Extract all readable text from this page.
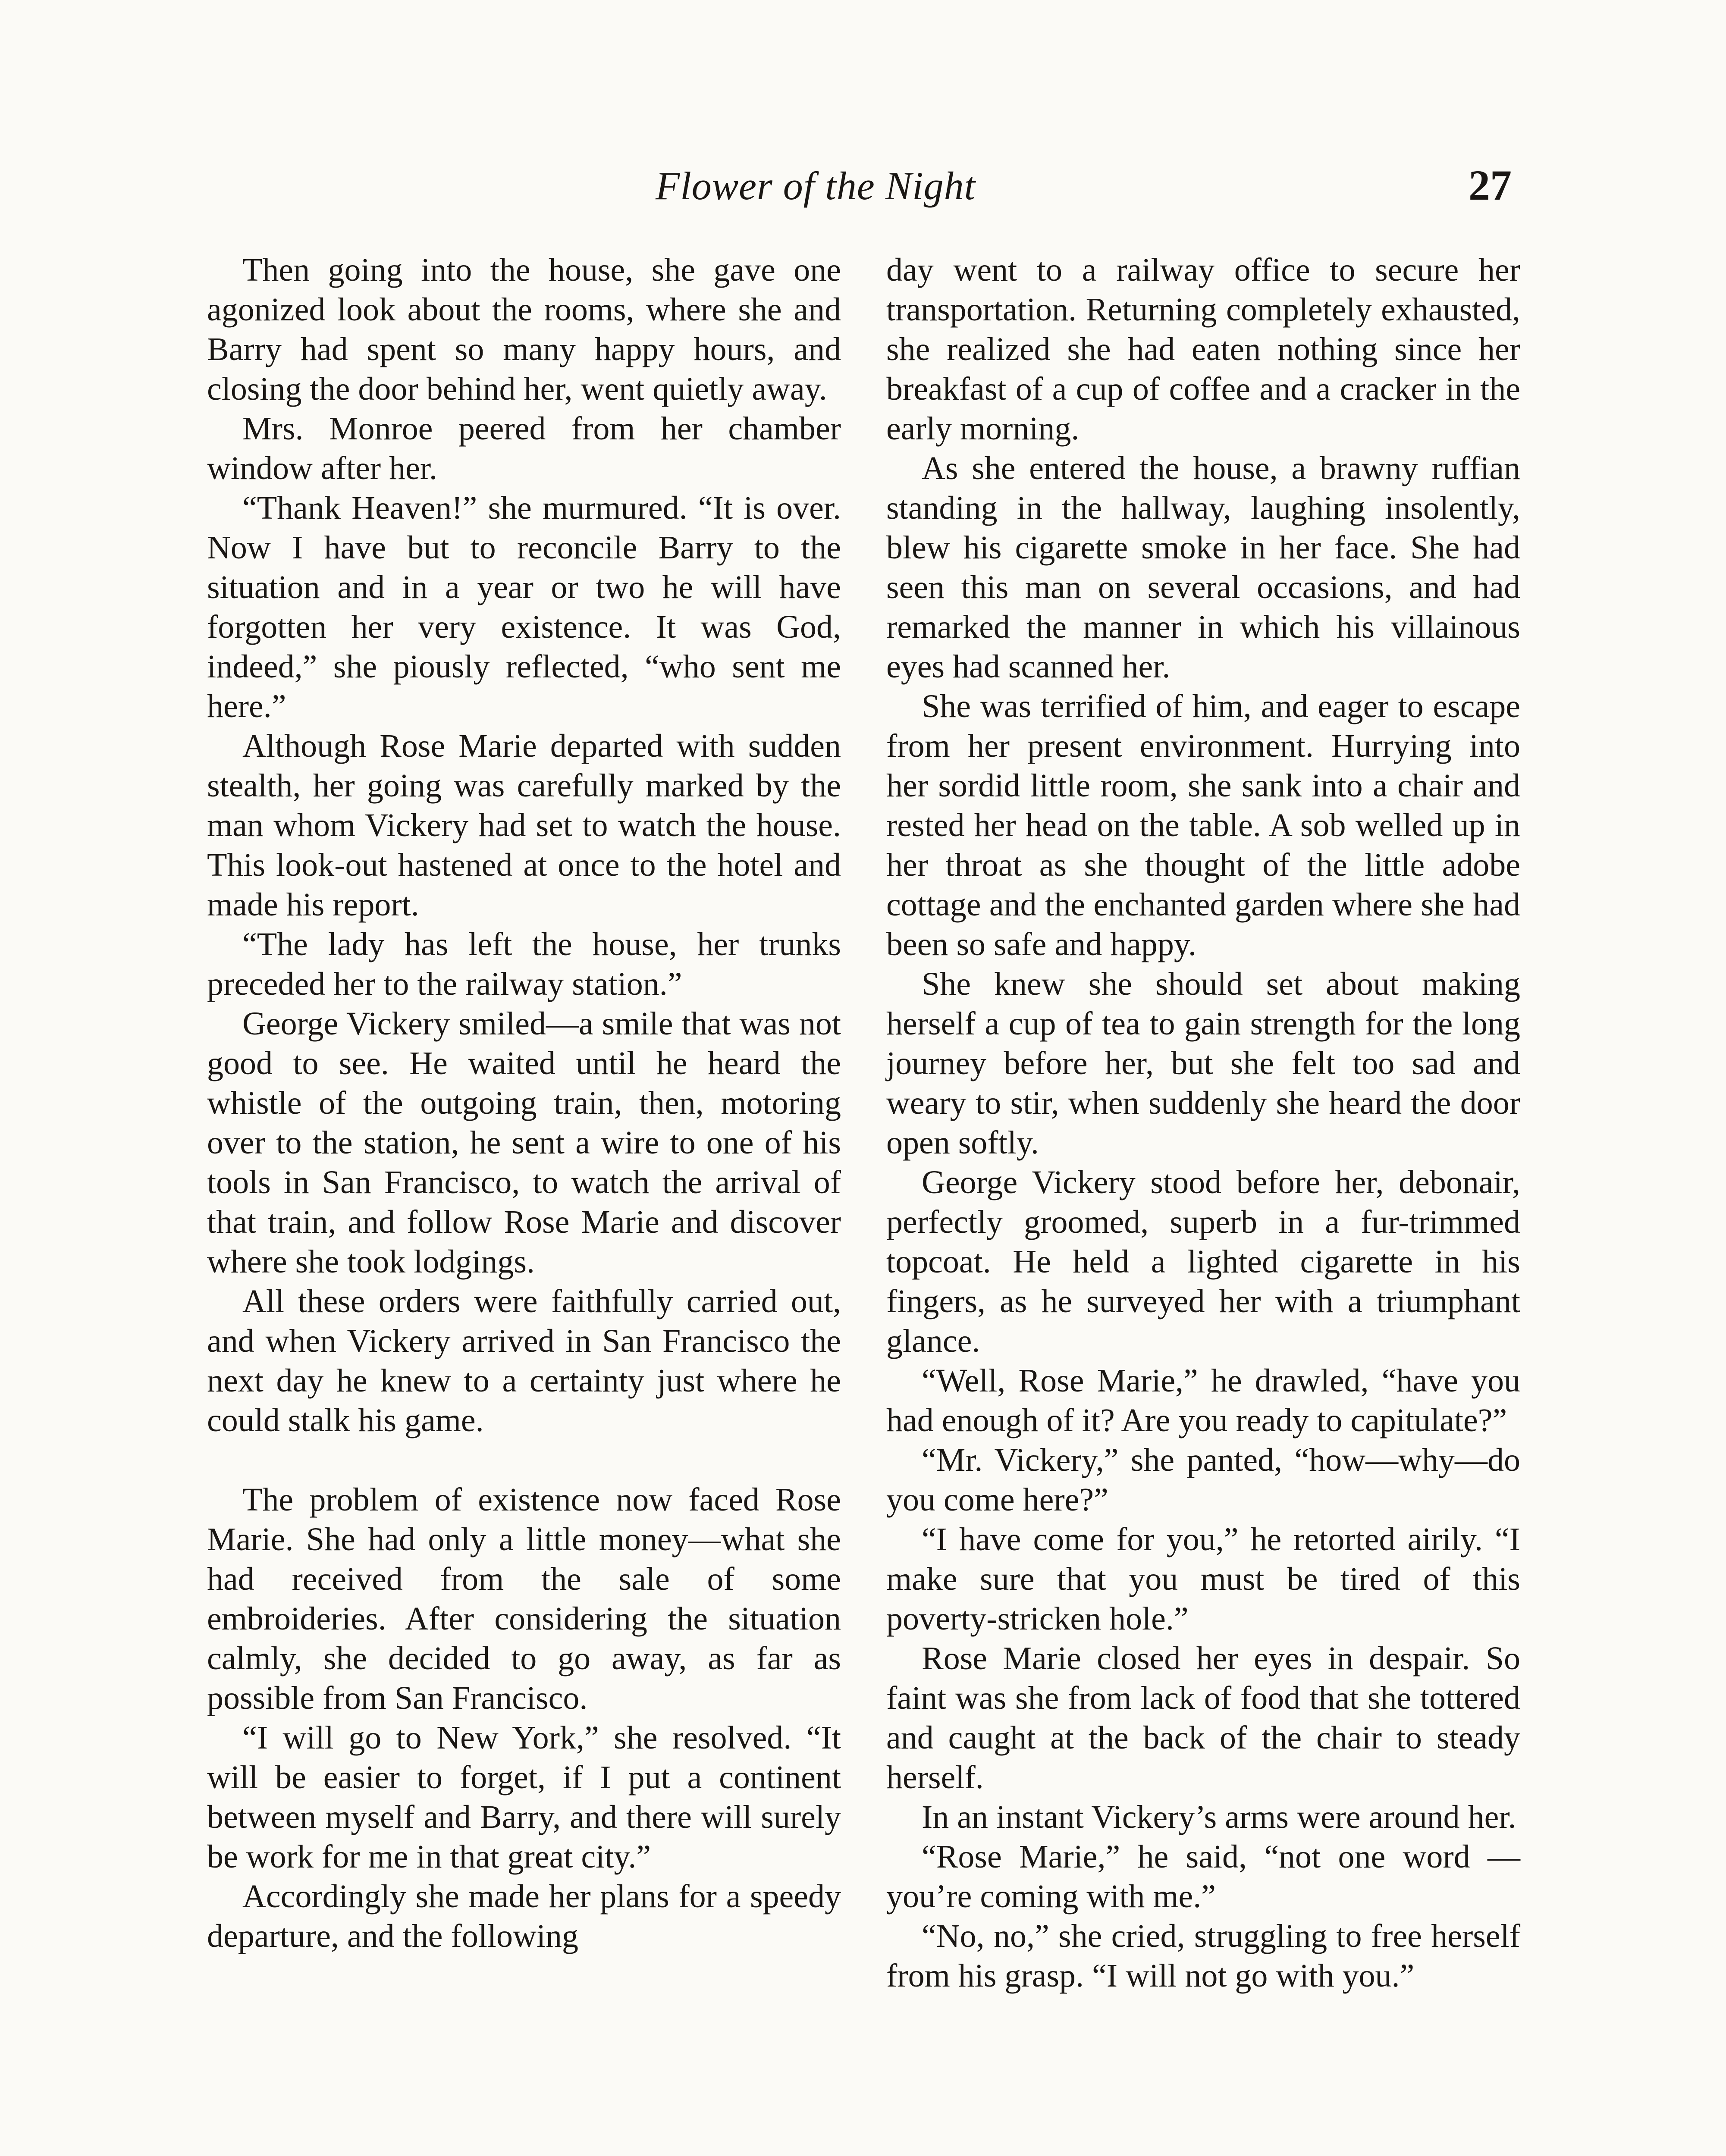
Flower of the Night	27

Then going into the house, she gave one agonized look about the rooms, where she and Barry had spent so many happy hours, and closing the door behind her, went quietly away.

Mrs. Monroe peered from her chamber window after her.

“Thank Heaven!” she murmured. “It is over. Now I have but to reconcile Barry to the situation and in a year or two he will have forgotten her very existence. It was God, indeed,” she piously reflected, “who sent me here.”

Although Rose Marie departed with sudden stealth, her going was carefully marked by the man whom Vickery had set to watch the house. This look-out hastened at once to the hotel and made his report.

“The lady has left the house, her trunks preceded her to the railway station.”

George Vickery smiled—a smile that was not good to see. He waited until he heard the whistle of the outgoing train, then, motoring over to the station, he sent a wire to one of his tools in San Francisco, to watch the arrival of that train, and follow Rose Marie and discover where she took lodgings.

All these orders were faithfully carried out, and when Vickery arrived in San Francisco the next day he knew to a certainty just where he could stalk his game.

The problem of existence now faced Rose Marie. She had only a little money—what she had received from the sale of some embroideries. After considering the situation calmly, she decided to go away, as far as possible from San Francisco.

“I will go to New York,” she resolved. “It will be easier to forget, if I put a continent between myself and Barry, and there will surely be work for me in that great city.”

Accordingly she made her plans for a speedy departure, and the following

day went to a railway office to secure her transportation. Returning completely exhausted, she realized she had eaten nothing since her breakfast of a cup of coffee and a cracker in the early morning.

As she entered the house, a brawny ruffian standing in the hallway, laughing insolently, blew his cigarette smoke in her face. She had seen this man on several occasions, and had remarked the manner in which his villainous eyes had scanned her.

She was terrified of him, and eager to escape from her present environment. Hurrying into her sordid little room, she sank into a chair and rested her head on the table. A sob welled up in her throat as she thought of the little adobe cottage and the enchanted garden where she had been so safe and happy.

She knew she should set about making herself a cup of tea to gain strength for the long journey before her, but she felt too sad and weary to stir, when suddenly she heard the door open softly.

George Vickery stood before her, debonair, perfectly groomed, superb in a fur-trimmed topcoat. He held a lighted cigarette in his fingers, as he surveyed her with a triumphant glance.

“Well, Rose Marie,” he drawled, “have you had enough of it? Are you ready to capitulate?”

“Mr. Vickery,” she panted, “how—why—do you come here?”

“I have come for you,” he retorted airily. “I make sure that you must be tired of this poverty-stricken hole.”

Rose Marie closed her eyes in despair. So faint was she from lack of food that she tottered and caught at the back of the chair to steady herself.

In an instant Vickery’s arms were around her.

“Rose Marie,” he said, “not one word —you’re coming with me.”

“No, no,” she cried, struggling to free herself from his grasp. “I will not go with you.”
